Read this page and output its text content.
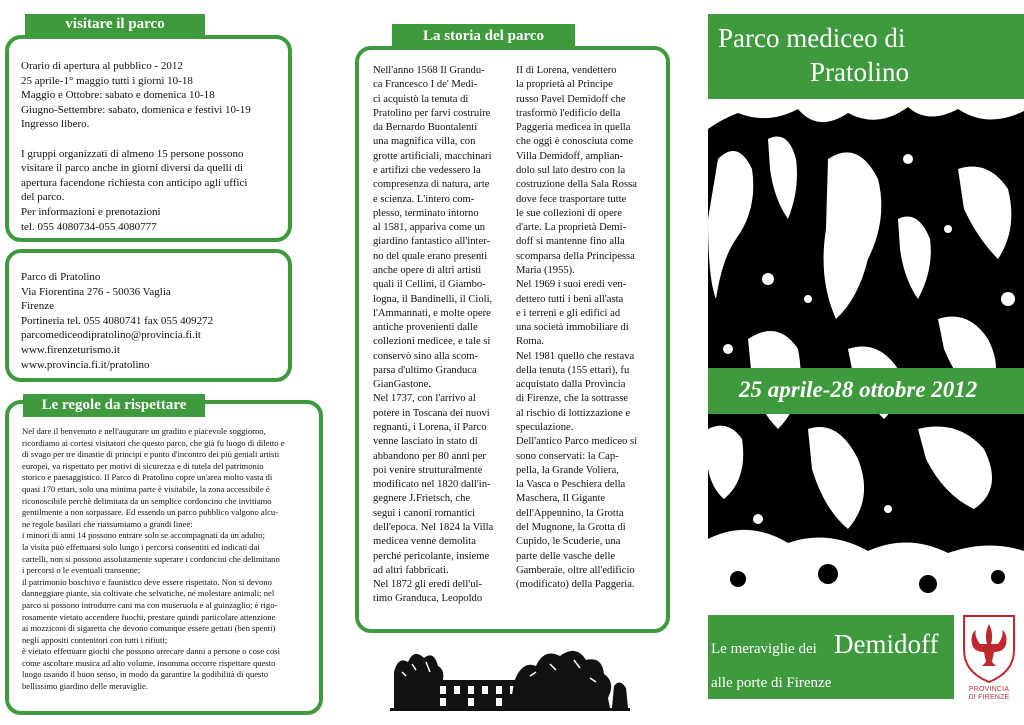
visitare il parco
Orario di apertura al pubblico - 2012
25 aprile-1° maggio tutti i giorni 10-18
Maggio e Ottobre: sabato e domenica 10-18
Giugno-Settembre: sabato, domenica e festivi 10-19
Ingresso libero.

I gruppi organizzati di almeno 15 persone possono
visitare il parco anche in giorni diversi da quelli di
apertura facendone richiesta con anticipo agli uffici
del parco.
Per informazioni e prenotazioni
tel. 055 4080734-055 4080777
Parco di Pratolino
Via Fiorentina 276 - 50036 Vaglia
Firenze
Portineria tel. 055 4080741 fax 055 409272
parcomediceodipratolino@provincia.fi.it
www.firenzeturismo.it
www.provincia.fi.it/pratolino
Le regole da rispettare
Nel dare il benvenuto e nell'augurare un gradito e piacevole soggiorno,
ricordiamo ai cortesi visitatori che questo parco, che già fu luogo di diletto e
di svago per tre dinastie di principi e punto d'incontro dei più geniali artisti
europei, va rispettato per motivi di sicurezza e di tutela del patrimonio
storico e paesaggistico. Il Parco di Pratolino copre un'area molto vasta di
quasi 170 ettari, solo una minima parte è visitabile, la zona accessibile è
riconoscibile perchè delimitata da un semplice cordoncino che invitiamo
gentilmente a non sorpassare. Ed essendo un parco pubblico valgono alcu-
ne regole basilari che riassumiamo a grandi linee:
i minori di anni 14 possono entrare solo se accompagnati da un adulto;
la visita può effettuarsi solo lungo i percorsi consentiti ed indicati dai
cartelli, non si possono assolutamente superare i cordoncini che delimitano
i percorsi o le eventuali transenne;
il patrimonio boschivo e faunistico deve essere rispettato. Non si devono
danneggiare piante, sia coltivate che selvatiche, né molestare animali; nel
parco si possono introdurre cani ma con museruola e al guinzaglio; è rigo-
rosamente vietato accendere fuochi, prestare quindi particolare attenzione
ai mozziconi di sigaretta che devono comunque essere gettati (ben spenti)
negli appositi contenitori con tutti i rifiuti;
è vietato effettuare giochi che possono arrecare danni a persone o cose così
come ascoltare musica ad alto volume, insomma occorre rispettare questo
luogo usando il buon senso, in modo da garantire la godibilità di questo
bellissimo giardino delle meraviglie.
La storia del parco
Nell'anno 1568 Il Grandu-
ca Francesco I de' Medi-
ci acquistò la tenuta di
Pratolino per farvi costruire
da Bernardo Buontalenti
una magnifica villa, con
grotte artificiali, macchinari
e artifizi che vedessero la
compresenza di natura, arte
e scienza. L'intero com-
plesso, terminato intorno
al 1581, appariva come un
giardino fantastico all'inter-
no del quale erano presenti
anche opere di altri artisti
quali il Cellini, il Giambo-
logna, il Bandinelli, il Cioli,
l'Ammannati, e molte opere
antiche provenienti dalle
collezioni medicee, e tale si
conservò sino alla scom-
parsa d'ultimo Granduca
GianGastone.
Nel 1737, con l'arrivo al
potere in Toscana dei nuovi
regnanti, i Lorena, il Parco
venne lasciato in stato di
abbandono per 80 anni per
poi venire strutturalmente
modificato nel 1820 dall'in-
gegnere J.Frietsch, che
seguì i canoni romantici
dell'epoca. Nel 1824 la Villa
medicea venne demolita
perché pericolante, insieme
ad altri fabbricati.
Nel 1872 gli eredi dell'ul-
timo Granduca, Leopoldo
II di Lorena, vendettero
la proprietà al Principe
russo Pavel Demidoff che
trasformò l'edificio della
Paggeria medicea in quella
che oggi è conosciuta come
Villa Demidoff, amplian-
dolo sul lato destro con la
costruzione della Sala Rossa
dove fece trasportare tutte
le sue collezioni di opere
d'arte. La proprietà Demi-
doff si mantenne fino alla
scomparsa della Principessa
Maria (1955).
Nel 1969 i suoi eredi ven-
dettero tutti i beni all'asta
e i terreni e gli edifici ad
una società immobiliare di
Roma.
Nel 1981 quello che restava
della tenuta (155 ettari), fu
acquistato dalla Provincia
di Firenze, che la sottrasse
al rischio di lottizzazione e
speculazione.
Dell'antico Parco mediceo si
sono conservati: la Cap-
pella, la Grande Voliera,
la Vasca o Peschiera della
Maschera, Il Gigante
dell'Appennino, la Grotta
del Mugnone, la Grotta di
Cupido, le Scuderie, una
parte delle vasche delle
Gamberaie, oltre all'edificio
(modificato) della Paggeria.
Parco mediceo di
Pratolino
25 aprile-28 ottobre 2012
Le meraviglie dei Demidoff
alle porte di Firenze	PROVINCIA
DI FIRENZE
